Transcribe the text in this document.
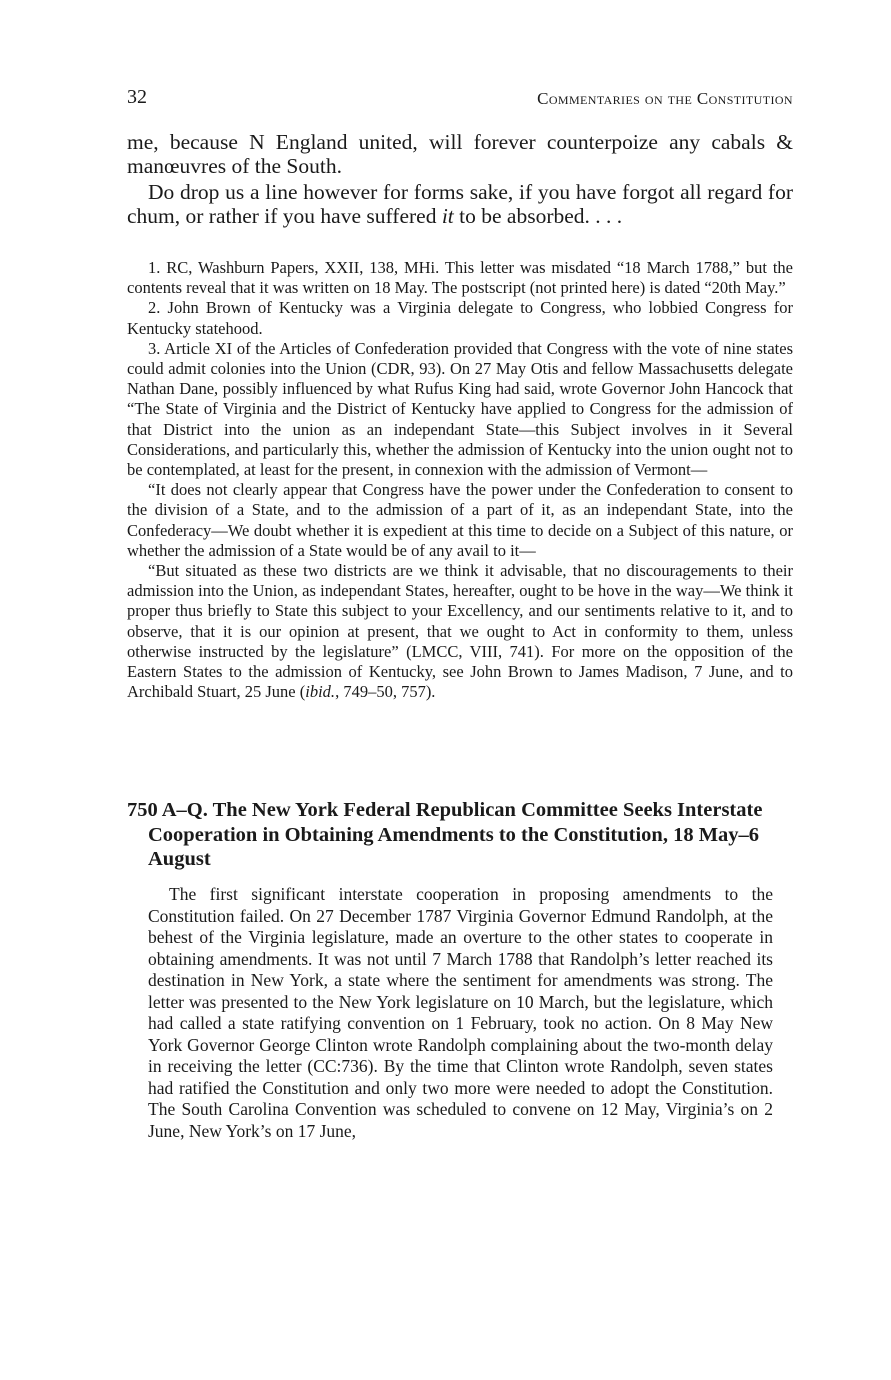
32	Commentaries on the Constitution

me, because N England united, will forever counterpoize any cabals & manœuvres of the South.

Do drop us a line however for forms sake, if you have forgot all regard for chum, or rather if you have suffered it to be absorbed. . . .

1. RC, Washburn Papers, XXII, 138, MHi. This letter was misdated “18 March 1788,” but the contents reveal that it was written on 18 May. The postscript (not printed here) is dated “20th May.”

2. John Brown of Kentucky was a Virginia delegate to Congress, who lobbied Congress for Kentucky statehood.

3. Article XI of the Articles of Confederation provided that Congress with the vote of nine states could admit colonies into the Union (CDR, 93). On 27 May Otis and fellow Massachusetts delegate Nathan Dane, possibly influenced by what Rufus King had said, wrote Governor John Hancock that “The State of Virginia and the District of Kentucky have applied to Congress for the admission of that District into the union as an independant State—this Subject involves in it Several Considerations, and particularly this, whether the admission of Kentucky into the union ought not to be contemplated, at least for the present, in connexion with the admission of Vermont—

“It does not clearly appear that Congress have the power under the Confederation to consent to the division of a State, and to the admission of a part of it, as an independant State, into the Confederacy—We doubt whether it is expedient at this time to decide on a Subject of this nature, or whether the admission of a State would be of any avail to it—

“But situated as these two districts are we think it advisable, that no discouragements to their admission into the Union, as independant States, hereafter, ought to be hove in the way—We think it proper thus briefly to State this subject to your Excellency, and our sentiments relative to it, and to observe, that it is our opinion at present, that we ought to Act in conformity to them, unless otherwise instructed by the legislature” (LMCC, VIII, 741). For more on the opposition of the Eastern States to the admission of Kentucky, see John Brown to James Madison, 7 June, and to Archibald Stuart, 25 June (ibid., 749–50, 757).

750 A–Q. The New York Federal Republican Committee Seeks Interstate Cooperation in Obtaining Amendments to the Constitution, 18 May–6 August

The first significant interstate cooperation in proposing amendments to the Constitution failed. On 27 December 1787 Virginia Governor Edmund Randolph, at the behest of the Virginia legislature, made an overture to the other states to cooperate in obtaining amendments. It was not until 7 March 1788 that Randolph’s letter reached its destination in New York, a state where the sentiment for amendments was strong. The letter was presented to the New York legislature on 10 March, but the legislature, which had called a state ratifying convention on 1 February, took no action. On 8 May New York Governor George Clinton wrote Randolph complaining about the two-month delay in receiving the letter (CC:736). By the time that Clinton wrote Randolph, seven states had ratified the Constitution and only two more were needed to adopt the Constitution. The South Carolina Convention was scheduled to convene on 12 May, Virginia’s on 2 June, New York’s on 17 June,
